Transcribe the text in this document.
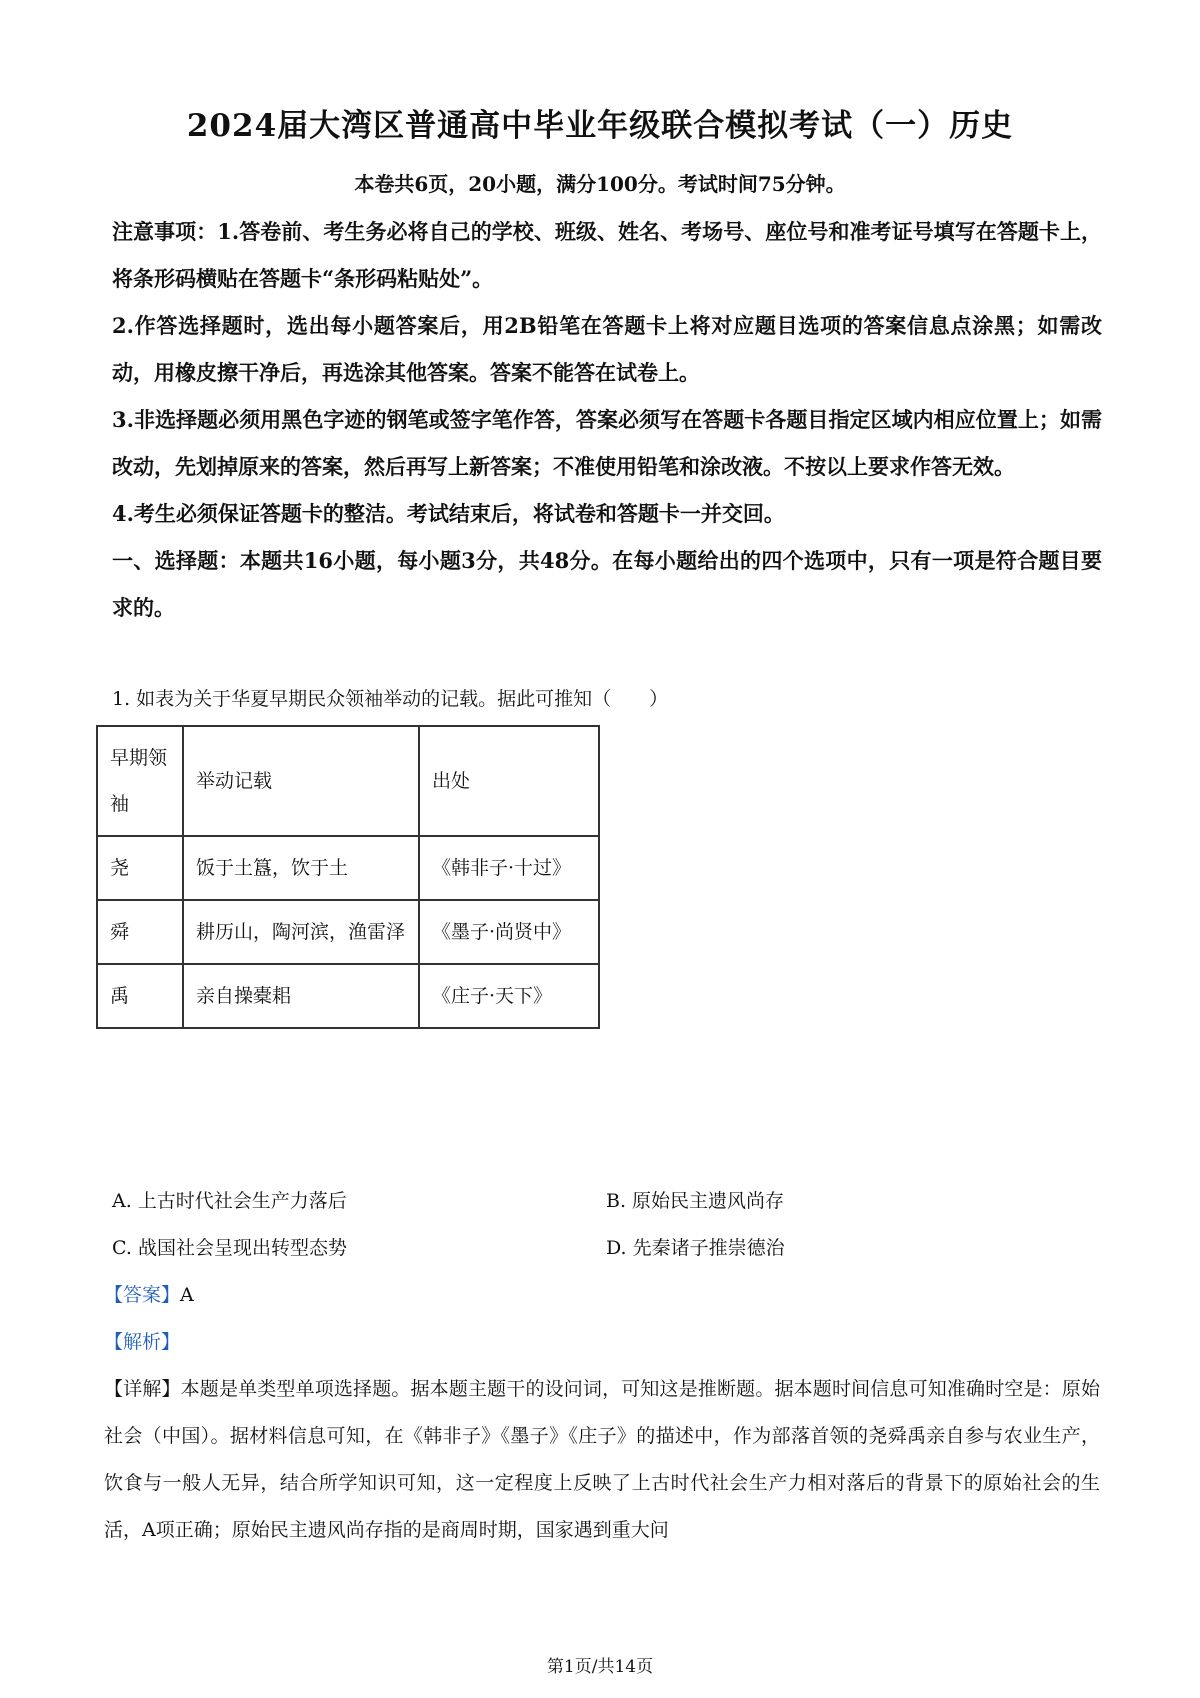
2024届大湾区普通高中毕业年级联合模拟考试（一）历史
本卷共6页，20小题，满分100分。考试时间75分钟。

注意事项：1.答卷前、考生务必将自己的学校、班级、姓名、考场号、座位号和准考证号填写在答题卡上，将条形码横贴在答题卡“条形码粘贴处”。

2.作答选择题时，选出每小题答案后，用2B铅笔在答题卡上将对应题目选项的答案信息点涂黑；如需改动，用橡皮擦干净后，再选涂其他答案。答案不能答在试卷上。

3.非选择题必须用黑色字迹的钢笔或签字笔作答，答案必须写在答题卡各题目指定区域内相应位置上；如需改动，先划掉原来的答案，然后再写上新答案；不准使用铅笔和涂改液。不按以上要求作答无效。

4.考生必须保证答题卡的整洁。考试结束后，将试卷和答题卡一并交回。

一、选择题：本题共16小题，每小题3分，共48分。在每小题给出的四个选项中，只有一项是符合题目要求的。

1. 如表为关于华夏早期民众领袖举动的记载。据此可推知（　　）
早期领袖	举动记载	出处
尧	饭于土簋，饮于土	《韩非子·十过》
舜	耕历山，陶河滨，渔雷泽	《墨子·尚贤中》
禹	亲自操橐耜	《庄子·天下》
A. 上古时代社会生产力落后	B. 原始民主遗风尚存
C. 战国社会呈现出转型态势	D. 先秦诸子推崇德治
【答案】A
【解析】
【详解】本题是单类型单项选择题。据本题主题干的设问词，可知这是推断题。据本题时间信息可知准确时空是：原始社会（中国）。据材料信息可知，在《韩非子》《墨子》《庄子》的描述中，作为部落首领的尧舜禹亲自参与农业生产，饮食与一般人无异，结合所学知识可知，这一定程度上反映了上古时代社会生产力相对落后的背景下的原始社会的生活，A项正确；原始民主遗风尚存指的是商周时期，国家遇到重大问
第1页/共14页
